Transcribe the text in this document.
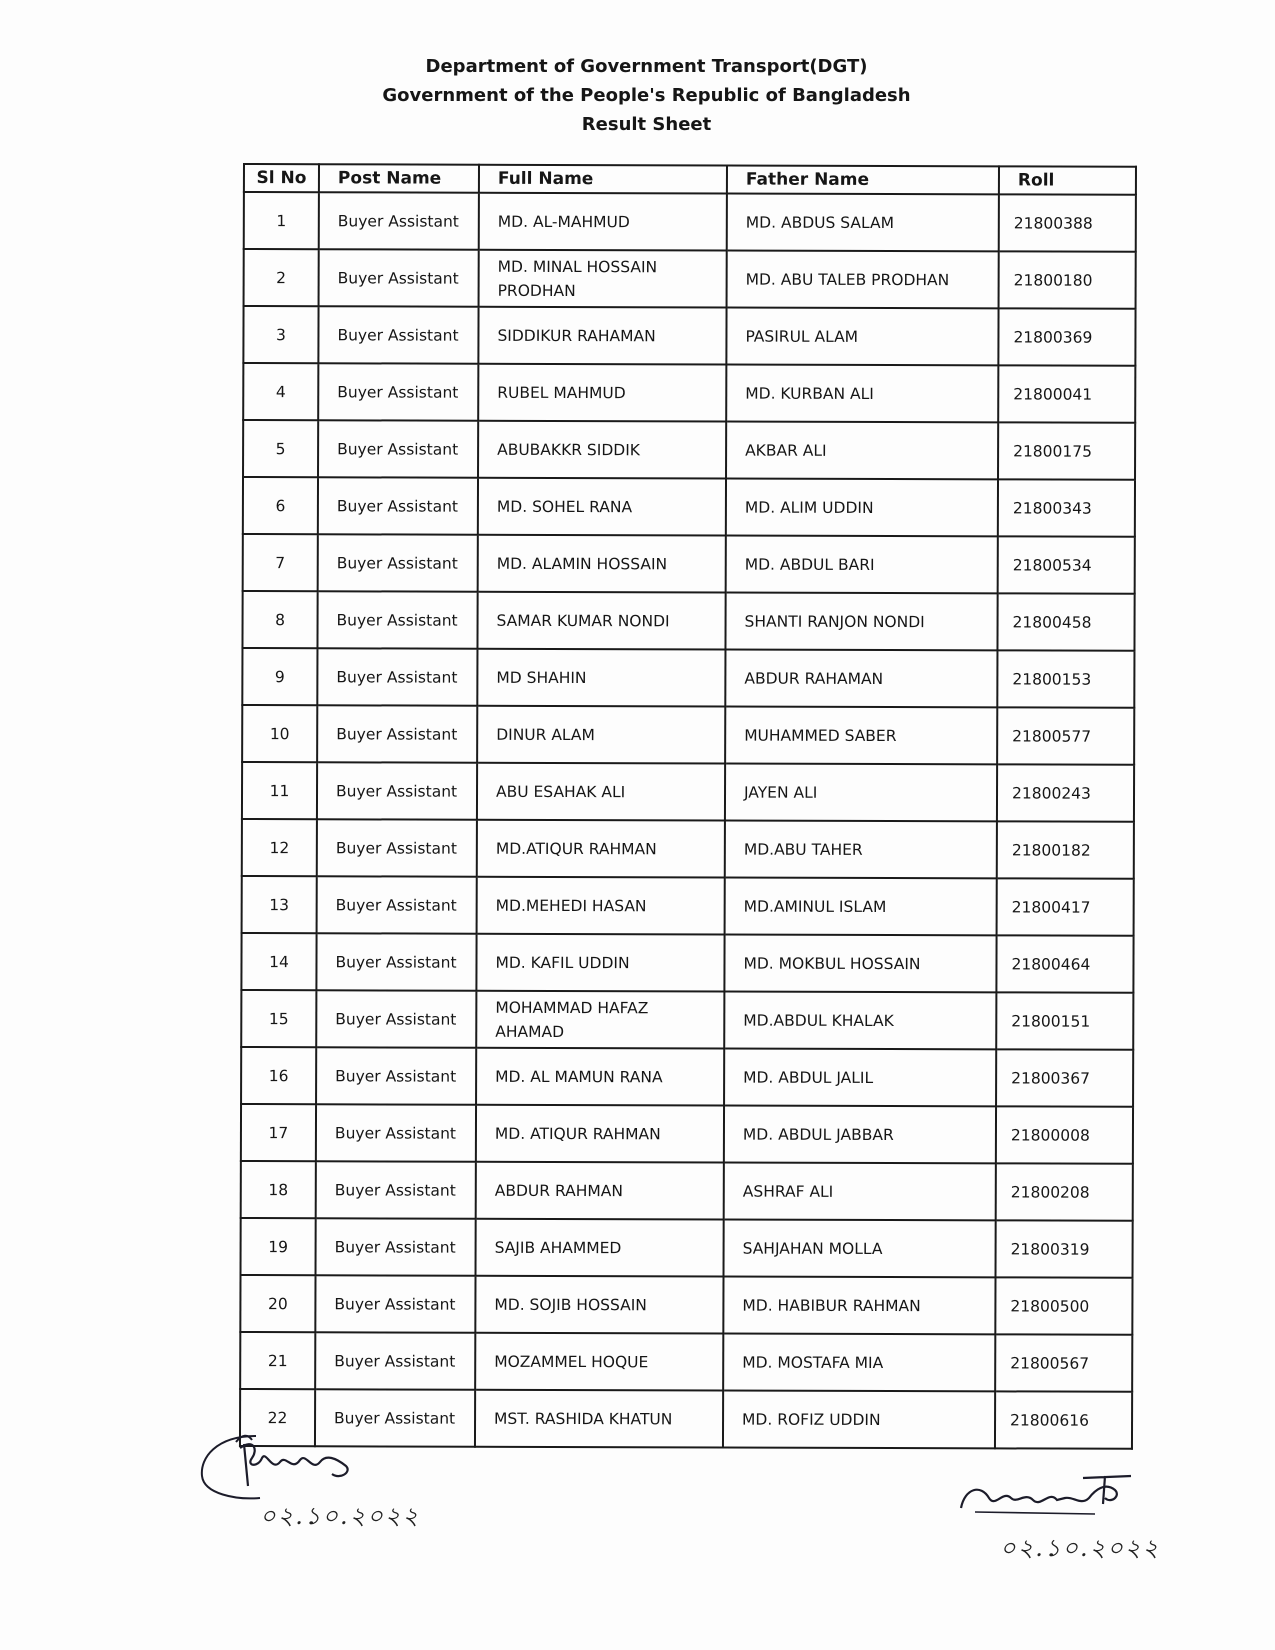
Department of Government Transport(DGT)
Government of the People's Republic of Bangladesh
Result Sheet
Sl No	Post Name	Full Name	Father Name	Roll
1	Buyer Assistant	MD. AL-MAHMUD	MD. ABDUS SALAM	21800388
2	Buyer Assistant	MD. MINAL HOSSAIN PRODHAN	MD. ABU TALEB PRODHAN	21800180
3	Buyer Assistant	SIDDIKUR RAHAMAN	PASIRUL ALAM	21800369
4	Buyer Assistant	RUBEL MAHMUD	MD. KURBAN ALI	21800041
5	Buyer Assistant	ABUBAKKR SIDDIK	AKBAR ALI	21800175
6	Buyer Assistant	MD. SOHEL RANA	MD. ALIM UDDIN	21800343
7	Buyer Assistant	MD. ALAMIN HOSSAIN	MD. ABDUL BARI	21800534
8	Buyer Assistant	SAMAR KUMAR NONDI	SHANTI RANJON NONDI	21800458
9	Buyer Assistant	MD SHAHIN	ABDUR RAHAMAN	21800153
10	Buyer Assistant	DINUR ALAM	MUHAMMED SABER	21800577
11	Buyer Assistant	ABU ESAHAK ALI	JAYEN ALI	21800243
12	Buyer Assistant	MD.ATIQUR RAHMAN	MD.ABU TAHER	21800182
13	Buyer Assistant	MD.MEHEDI HASAN	MD.AMINUL ISLAM	21800417
14	Buyer Assistant	MD. KAFIL UDDIN	MD. MOKBUL HOSSAIN	21800464
15	Buyer Assistant	MOHAMMAD HAFAZ AHAMAD	MD.ABDUL KHALAK	21800151
16	Buyer Assistant	MD. AL MAMUN RANA	MD. ABDUL JALIL	21800367
17	Buyer Assistant	MD. ATIQUR RAHMAN	MD. ABDUL JABBAR	21800008
18	Buyer Assistant	ABDUR RAHMAN	ASHRAF ALI	21800208
19	Buyer Assistant	SAJIB AHAMMED	SAHJAHAN MOLLA	21800319
20	Buyer Assistant	MD. SOJIB HOSSAIN	MD. HABIBUR RAHMAN	21800500
21	Buyer Assistant	MOZAMMEL HOQUE	MD. MOSTAFA MIA	21800567
22	Buyer Assistant	MST. RASHIDA KHATUN	MD. ROFIZ UDDIN	21800616
০২.১০.২০২২
০২.১০.২০২২
